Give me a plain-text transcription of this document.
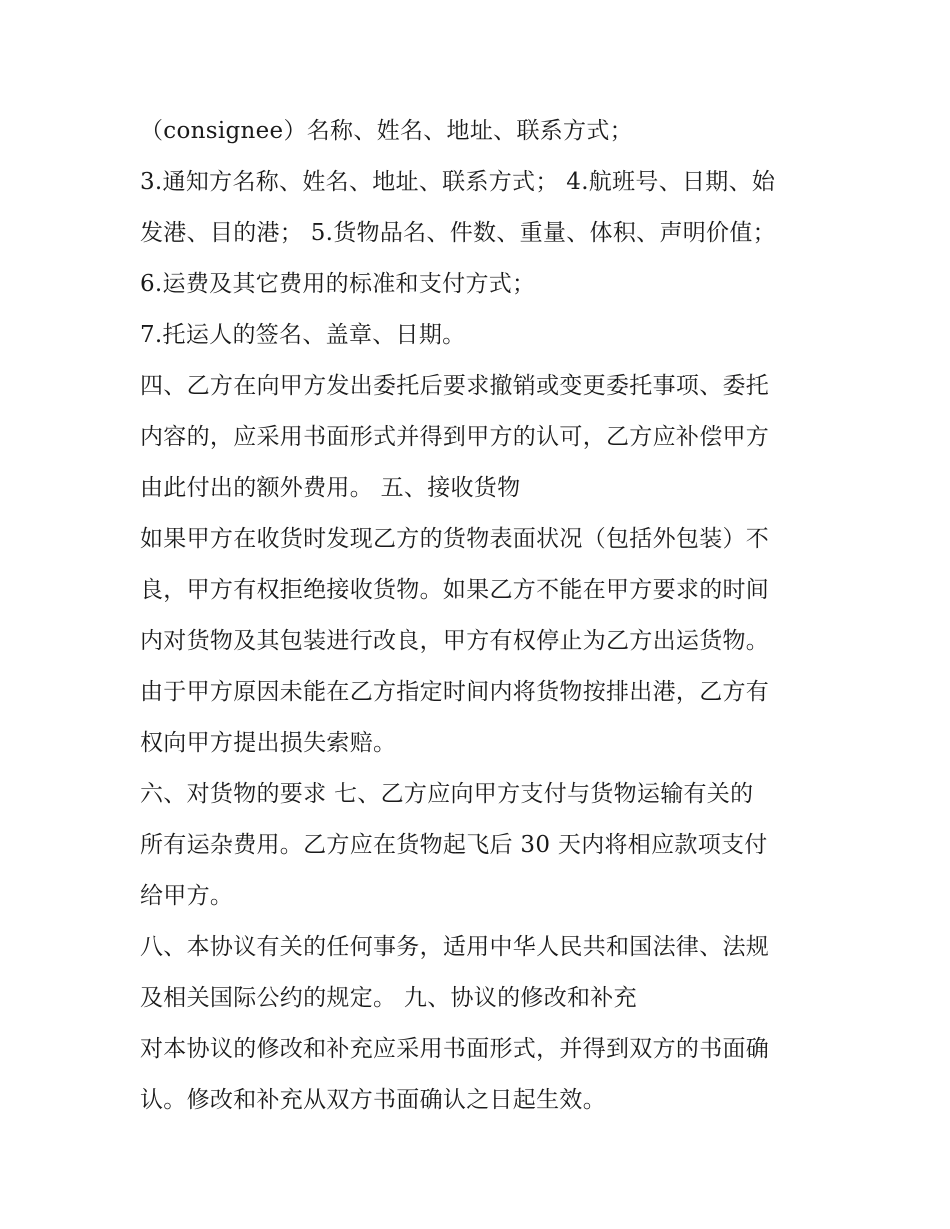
（consignee）名称、姓名、地址、联系方式；
3.通知方名称、姓名、地址、联系方式； 4.航班号、日期、始
发港、目的港； 5.货物品名、件数、重量、体积、声明价值；
6.运费及其它费用的标准和支付方式；
7.托运人的签名、盖章、日期。
四、乙方在向甲方发出委托后要求撤销或变更委托事项、委托
内容的，应采用书面形式并得到甲方的认可，乙方应补偿甲方
由此付出的额外费用。 五、接收货物
如果甲方在收货时发现乙方的货物表面状况（包括外包装）不
良，甲方有权拒绝接收货物。如果乙方不能在甲方要求的时间
内对货物及其包装进行改良，甲方有权停止为乙方出运货物。
由于甲方原因未能在乙方指定时间内将货物按排出港，乙方有
权向甲方提出损失索赔。
六、对货物的要求 七、乙方应向甲方支付与货物运输有关的
所有运杂费用。乙方应在货物起飞后 30 天内将相应款项支付
给甲方。
八、本协议有关的任何事务，适用中华人民共和国法律、法规
及相关国际公约的规定。 九、协议的修改和补充
对本协议的修改和补充应采用书面形式，并得到双方的书面确
认。修改和补充从双方书面确认之日起生效。
